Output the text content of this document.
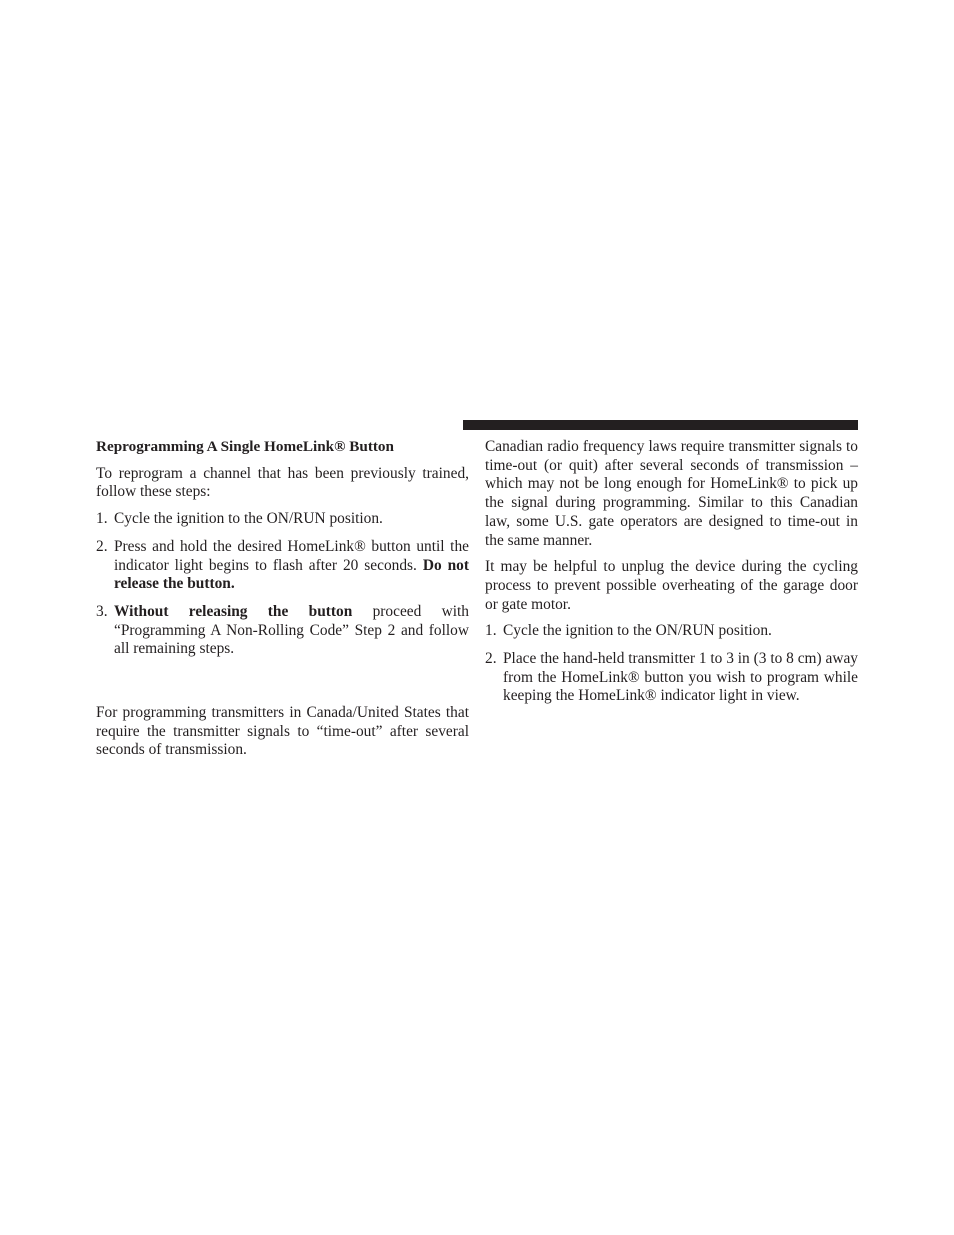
Reprogramming A Single HomeLink® Button

To reprogram a channel that has been previously trained, follow these steps:

1. Cycle the ignition to the ON/RUN position.
2. Press and hold the desired HomeLink® button until the indicator light begins to flash after 20 seconds. Do not release the button.
3. Without releasing the button proceed with “Programming A Non-Rolling Code” Step 2 and follow all remaining steps.

For programming transmitters in Canada/United States that require the transmitter signals to “time-out” after several seconds of transmission.

Canadian radio frequency laws require transmitter signals to time-out (or quit) after several seconds of transmission – which may not be long enough for HomeLink® to pick up the signal during programming. Similar to this Canadian law, some U.S. gate operators are designed to time-out in the same manner.

It may be helpful to unplug the device during the cycling process to prevent possible overheating of the garage door or gate motor.

1. Cycle the ignition to the ON/RUN position.
2. Place the hand-held transmitter 1 to 3 in (3 to 8 cm) away from the HomeLink® button you wish to program while keeping the HomeLink® indicator light in view.
